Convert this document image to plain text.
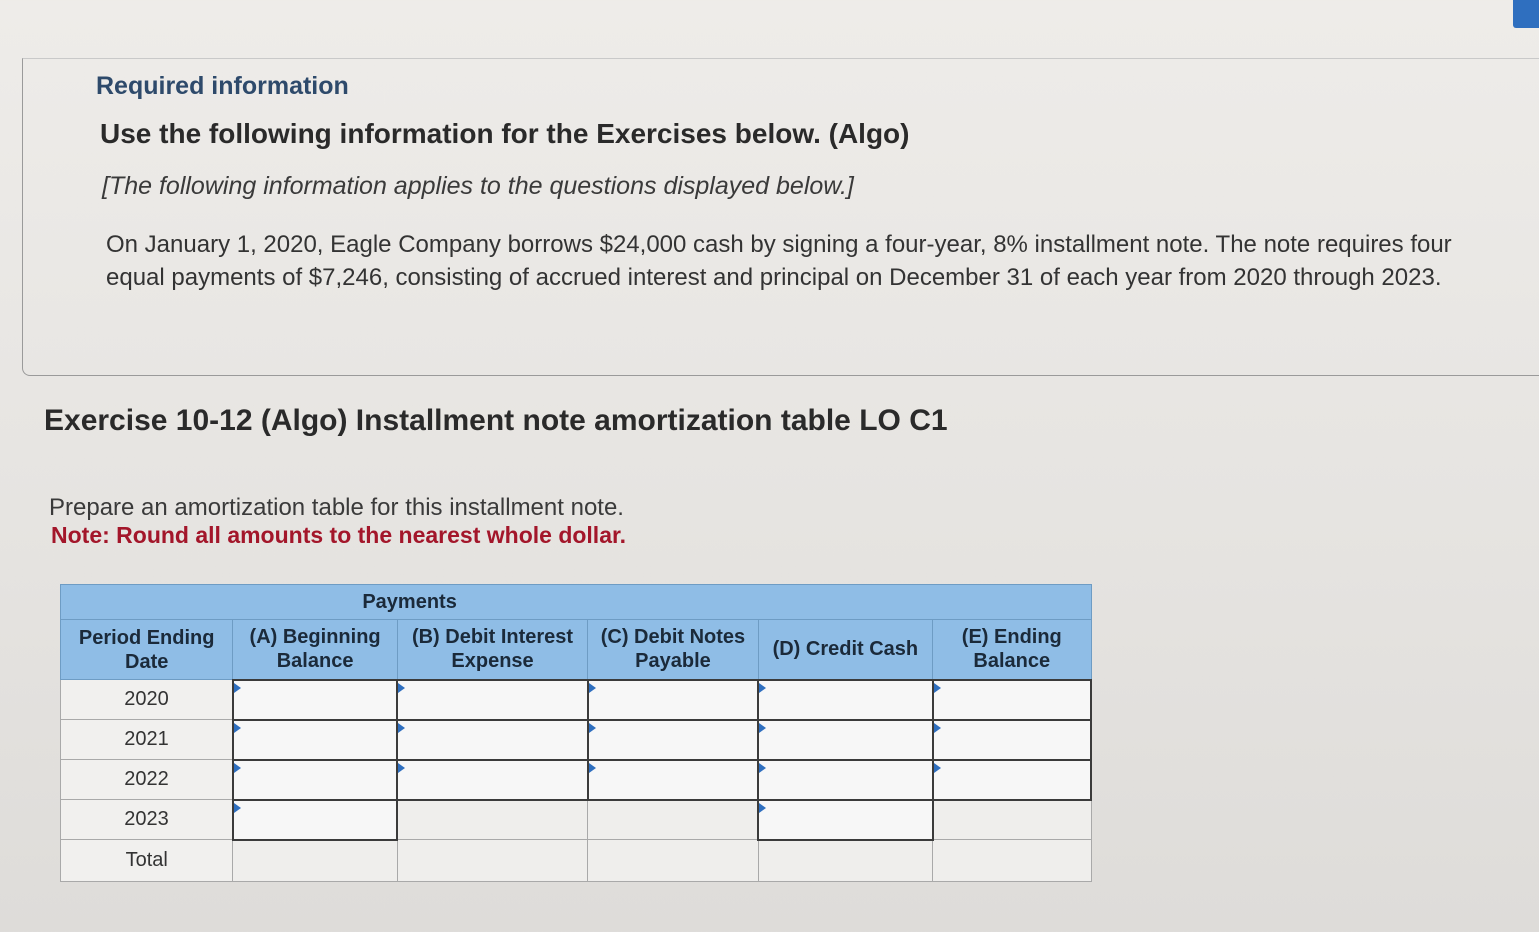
Required information
Use the following information for the Exercises below. (Algo)
[The following information applies to the questions displayed below.]
On January 1, 2020, Eagle Company borrows $24,000 cash by signing a four-year, 8% installment note. The note requires four equal payments of $7,246, consisting of accrued interest and principal on December 31 of each year from 2020 through 2023.
Exercise 10-12 (Algo) Installment note amortization table LO C1
Prepare an amortization table for this installment note.
Note: Round all amounts to the nearest whole dollar.
Payments					
Period Ending Date	(A) Beginning Balance	(B) Debit Interest Expense	(C) Debit Notes Payable	(D) Credit Cash	(E) Ending Balance
2020					
2021					
2022					
2023					
Total					
